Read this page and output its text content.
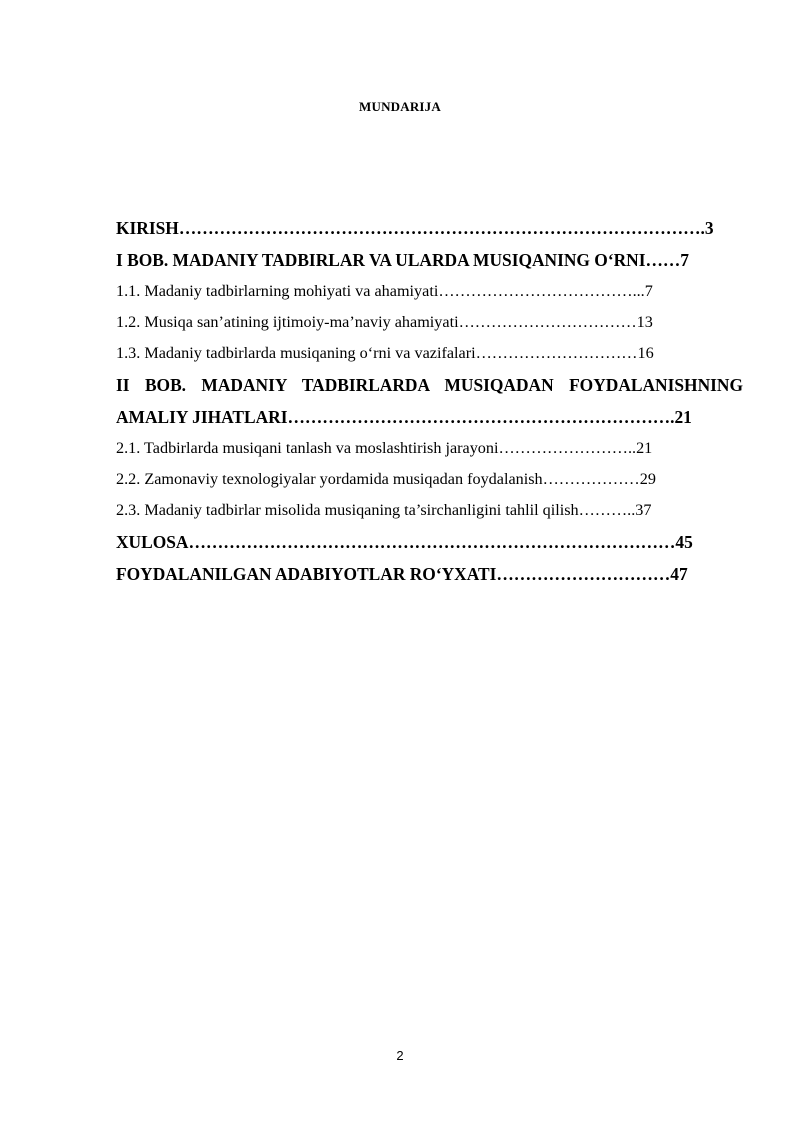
MUNDARIJA
KIRISH……………………………………………………………………………….3
I BOB. MADANIY TADBIRLAR VA ULARDA MUSIQANING O‘RNI……7
1.1. Madaniy tadbirlarning mohiyati va ahamiyati………………………………...7
1.2. Musiqa san’atining ijtimoiy-ma’naviy ahamiyati……………………………13
1.3. Madaniy tadbirlarda musiqaning o‘rni va vazifalari…………………………16
II BOB. MADANIY TADBIRLARDA MUSIQADAN FOYDALANISHNING
AMALIY JIHATLARI………………………………………………………….21
2.1. Tadbirlarda musiqani tanlash va moslashtirish jarayoni……………………..21
2.2. Zamonaviy texnologiyalar yordamida musiqadan foydalanish………………29
2.3. Madaniy tadbirlar misolida musiqaning ta’sirchanligini tahlil qilish………..37
XULOSA…………………………………………………………………………45
FOYDALANILGAN ADABIYOTLAR RO‘YXATI…………………………47
2
